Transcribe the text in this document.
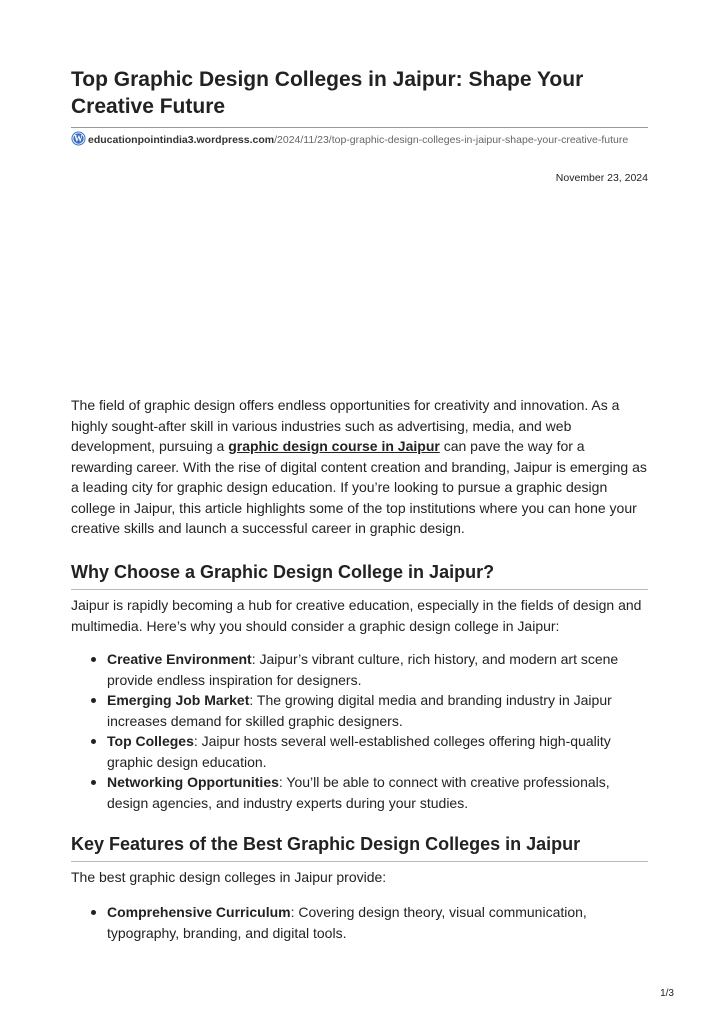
Top Graphic Design Colleges in Jaipur: Shape Your Creative Future
W educationpointindia3.wordpress.com/2024/11/23/top-graphic-design-colleges-in-jaipur-shape-your-creative-future
November 23, 2024

The field of graphic design offers endless opportunities for creativity and innovation. As a highly sought-after skill in various industries such as advertising, media, and web development, pursuing a graphic design course in Jaipur can pave the way for a rewarding career. With the rise of digital content creation and branding, Jaipur is emerging as a leading city for graphic design education. If you’re looking to pursue a graphic design college in Jaipur, this article highlights some of the top institutions where you can hone your creative skills and launch a successful career in graphic design.

Why Choose a Graphic Design College in Jaipur?

Jaipur is rapidly becoming a hub for creative education, especially in the fields of design and multimedia. Here’s why you should consider a graphic design college in Jaipur:

Creative Environment: Jaipur’s vibrant culture, rich history, and modern art scene provide endless inspiration for designers.
Emerging Job Market: The growing digital media and branding industry in Jaipur increases demand for skilled graphic designers.
Top Colleges: Jaipur hosts several well-established colleges offering high-quality graphic design education.
Networking Opportunities: You’ll be able to connect with creative professionals, design agencies, and industry experts during your studies.
Key Features of the Best Graphic Design Colleges in Jaipur

The best graphic design colleges in Jaipur provide:

Comprehensive Curriculum: Covering design theory, visual communication, typography, branding, and digital tools.
1/3
